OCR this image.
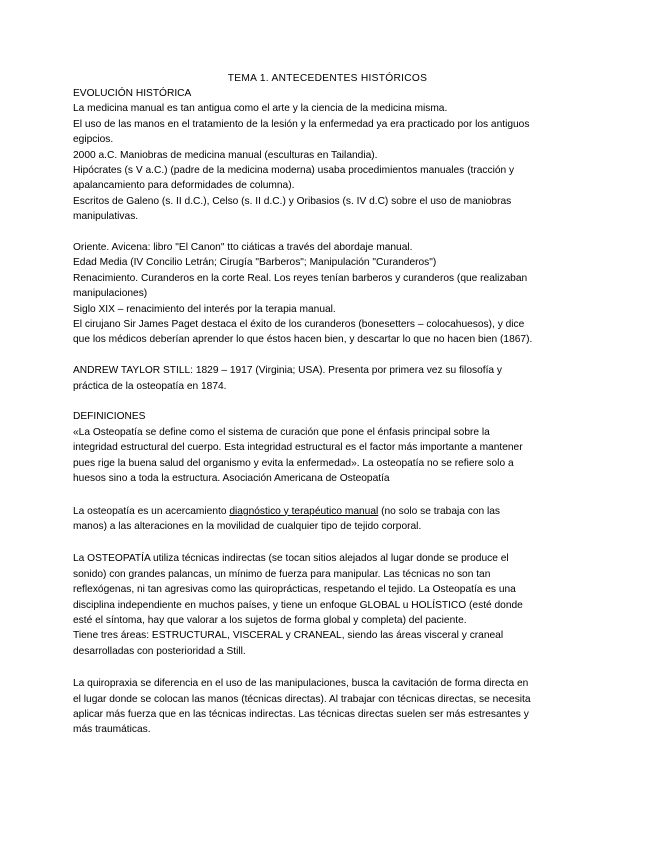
TEMA 1. ANTECEDENTES HISTÓRICOS

EVOLUCIÓN HISTÓRICA

La medicina manual es tan antigua como el arte y la ciencia de la medicina misma.

El uso de las manos en el tratamiento de la lesión y la enfermedad ya era practicado por los antiguos egipcios.

2000 a.C. Maniobras de medicina manual (esculturas en Tailandia).

Hipócrates (s V a.C.) (padre de la medicina moderna) usaba procedimientos manuales (tracción y apalancamiento para deformidades de columna).

Escritos de Galeno (s. II d.C.), Celso (s. II d.C.) y Oribasios (s. IV d.C) sobre el uso de maniobras manipulativas.

Oriente. Avicena: libro "El Canon" tto ciáticas a través del abordaje manual.

Edad Media (IV Concilio Letrán; Cirugía "Barberos"; Manipulación "Curanderos")

Renacimiento. Curanderos en la corte Real. Los reyes tenían barberos y curanderos (que realizaban manipulaciones)

Siglo XIX – renacimiento del interés por la terapia manual.

El cirujano Sir James Paget destaca el éxito de los curanderos (bonesetters – colocahuesos), y dice que los médicos deberían aprender lo que éstos hacen bien, y descartar lo que no hacen bien (1867).

ANDREW TAYLOR STILL: 1829 – 1917 (Virginia; USA). Presenta por primera vez su filosofía y práctica de la osteopatía en 1874.

DEFINICIONES

«La Osteopatía se define como el sistema de curación que pone el énfasis principal sobre la integridad estructural del cuerpo. Esta integridad estructural es el factor más importante a mantener pues rige la buena salud del organismo y evita la enfermedad». La osteopatía no se refiere solo a huesos sino a toda la estructura. Asociación Americana de Osteopatía

La osteopatía es un acercamiento diagnóstico y terapéutico manual (no solo se trabaja con las manos) a las alteraciones en la movilidad de cualquier tipo de tejido corporal.

La OSTEOPATÍA utiliza técnicas indirectas (se tocan sitios alejados al lugar donde se produce el sonido) con grandes palancas, un mínimo de fuerza para manipular. Las técnicas no son tan reflexógenas, ni tan agresivas como las quiroprácticas, respetando el tejido. La Osteopatía es una disciplina independiente en muchos países, y tiene un enfoque GLOBAL u HOLÍSTICO (esté donde esté el síntoma, hay que valorar a los sujetos de forma global y completa) del paciente.

Tiene tres áreas: ESTRUCTURAL, VISCERAL y CRANEAL, siendo las áreas visceral y craneal desarrolladas con posterioridad a Still.

La quiropraxia se diferencia en el uso de las manipulaciones, busca la cavitación de forma directa en el lugar donde se colocan las manos (técnicas directas). Al trabajar con técnicas directas, se necesita aplicar más fuerza que en las técnicas indirectas. Las técnicas directas suelen ser más estresantes y más traumáticas.
